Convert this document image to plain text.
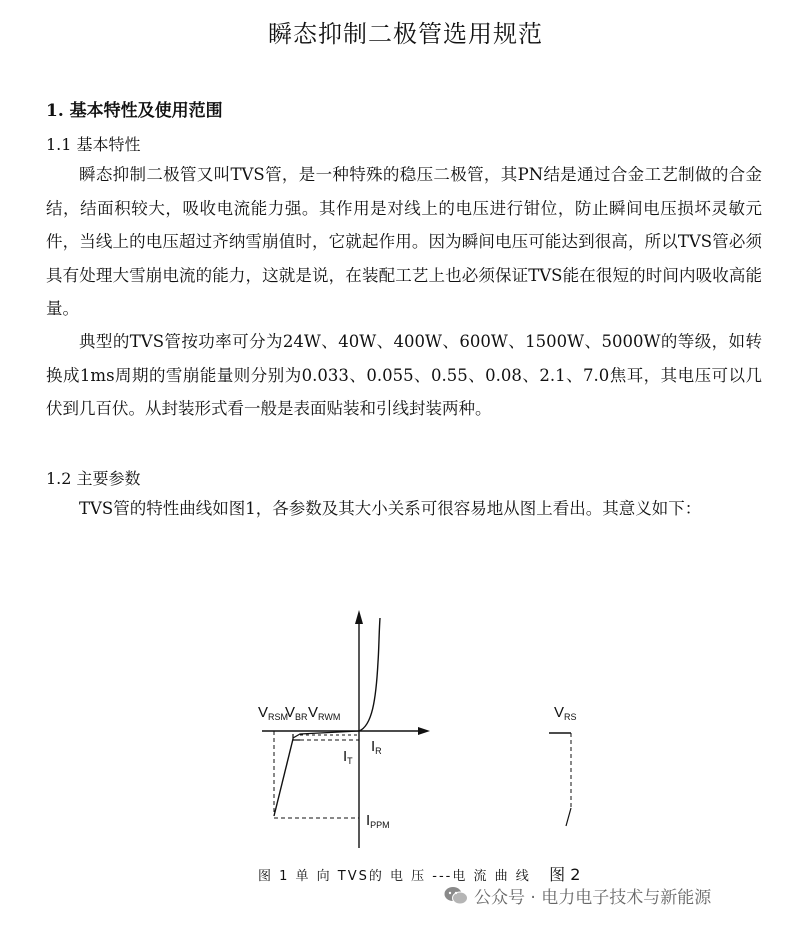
瞬态抑制二极管选用规范
1. 基本特性及使用范围
1.1 基本特性

瞬态抑制二极管又叫TVS管，是一种特殊的稳压二极管，其PN结是通过合金工艺制做的合金结，结面积较大，吸收电流能力强。其作用是对线上的电压进行钳位，防止瞬间电压损坏灵敏元件，当线上的电压超过齐纳雪崩值时，它就起作用。因为瞬间电压可能达到很高，所以TVS管必须具有处理大雪崩电流的能力，这就是说，在装配工艺上也必须保证TVS能在很短的时间内吸收高能量。

典型的TVS管按功率可分为24W、40W、400W、600W、1500W、5000W的等级，如转换成1ms周期的雪崩能量则分别为0.033、0.055、0.55、0.08、2.1、7.0焦耳，其电压可以几伏到几百伏。从封装形式看一般是表面贴装和引线封装两种。

1.2 主要参数

TVS管的特性曲线如图1，各参数及其大小关系可很容易地从图上看出。其意义如下：

$V_{RSM}$
$V_{BR}$ $V_{RWM}$
$I_T$
$I_R$
$I_{PPM}$
$V_{RS}$
图 1 单 向 TVS的 电 压 ---电 流 曲 线 图 2
公众号 · 电力电子技术与新能源
